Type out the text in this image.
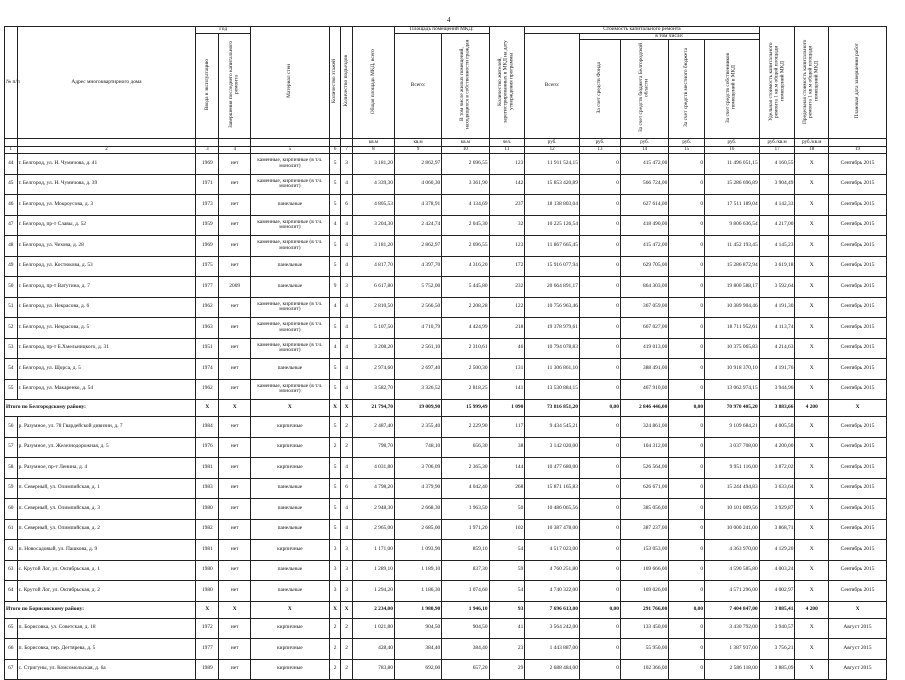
4
№ п/п	Адрес многоквартирного дома	Год		Материал стен	Количество этажей	Количество подъездов	Общая площадь МКД, всего	Площадь помещений МКД:		Количество жителей, зарегистрированных в МКД на дату утверждения программы	Стоимость капитального ремонта					Удельная стоимость капитального ремонта 1 кв.м общей площади помещений МКД	Предельная стоимость капитального ремонта 1 кв.м общей площади помещений МКД	Плановая дата завершения работ
		Ввода в эксплуатацию	Завершения последнего капитального ремонта					Всего:	В том числе жилых помещений, находящихся в собственности граждан		Всего:	в том числе:						
												За счет средств Фонда	За счет средств бюджета Белгородской области	За счет средств местного бюджета	За счет средств собственников помещений в МКД			
							кв.м	кв.м	кв.м	чел.	руб.	руб.	руб.	руб.	руб.	руб./кв.м	руб./кв.м	
1	2	3	4	5	6	7	8	9	10	11	12	13	14	15	16	17	18	19
44	г. Белгород, ул. Н. Чумичова, д. 41	1969	нет	каменные, кирпичные (в т.ч. монолит)	5	3	3 181,20	2 862,97	2 696,55	123	11 911 524,15	0	415 472,00	0	11 496 051,15	4 160,55	X	Сентябрь 2015
45	г. Белгород, ул. Н. Чумичова, д. 39	1971	нет	каменные, кирпичные (в т.ч. монолит)	5	4	4 339,30	4 060,30	3 361,90	142	15 853 420,89	0	566 724,00	0	15 286 696,89	3 904,49	X	Сентябрь 2015
46	г. Белгород, ул. Мокроусова, д. 3	1973	нет	панельные	5	6	4 805,53	4 378,91	4 134,69	237	18 138 803,04	0	627 614,00	0	17 511 189,04	4 142,33	X	Сентябрь 2015
47	г. Белгород, пр-т Славы, д. 52	1959	нет	каменные, кирпичные (в т.ч. монолит)	4	4	3 204,30	2 424,74	2 045,30	32	10 225 126,54	0	418 490,00	0	9 806 636,54	4 217,00	X	Сентябрь 2015
48	г. Белгород, ул. Чехова, д. 28	1969	нет	каменные, кирпичные (в т.ч. монолит)	5	4	3 181,20	2 862,97	2 696,55	123	11 867 665,45	0	415 472,00	0	11 452 193,45	4 145,23	X	Сентябрь 2015
49	г. Белгород, ул. Костюкова, д. 53	1975	нет	панельные	5	4	4 817,70	4 397,70	4 316,20	172	15 916 077,94	0	629 705,00	0	15 286 872,94	3 619,18	X	Сентябрь 2015
50	г. Белгород, пр-т Ватутина, д. 7	1977	2009	панельные	9	3	6 617,80	5 752,00	5 445,80	232	20 664 891,17	0	864 303,00	0	19 800 588,17	3 592,64	X	Сентябрь 2015
51	г. Белгород, ул. Некрасова, д. 6	1962	нет	каменные, кирпичные (в т.ч. монолит)	4	4	2 810,50	2 566,50	2 208,28	122	10 756 963,46	0	367 059,00	0	10 389 904,46	4 191,30	X	Сентябрь 2015
52	г. Белгород, ул. Некрасова, д. 5	1963	нет	каменные, кирпичные (в т.ч. монолит)	5	4	5 107,50	4 710,79	4 424,99	218	19 378 979,61	0	667 027,00	0	18 711 952,61	4 113,74	X	Сентябрь 2015
53	г. Белгород, пр-т Б.Хмельницкого, д. 31	1951	нет	каменные, кирпичные (в т.ч. монолит)	4	4	3 208,20	2 561,10	2 310,61	46	10 794 078,83	0	419 013,00	0	10 375 065,83	4 214,63	X	Сентябрь 2015
54	г. Белгород, ул. Щорса, д. 5	1974	нет	панельные	5	4	2 974,60	2 697,40	2 500,30	131	11 306 861,10	0	388 491,00	0	10 918 370,10	4 191,76	X	Сентябрь 2015
55	г. Белгород, ул. Макаренко, д. 54	1962	нет	каменные, кирпичные (в т.ч. монолит)	5	4	3 582,70	3 326,52	2 818,25	141	13 530 884,15	0	467 910,00	0	13 062 974,15	3 944,96	X	Сентябрь 2015
Итого по Белгородскому району:		X	X	X	X	X	21 794,70	19 009,90	15 999,49	1 090	73 816 851,20	0,00	2 846 446,00	0,00	70 970 405,20	3 883,66	4 200	X
56	р. Разумное, ул. 78 Гвардейской дивизии, д. 7	1984	нет	кирпичные	5	2	2 487,40	2 355,40	2 229,90	117	9 434 545,21	0	324 861,00	0	9 109 684,21	4 005,50	X	Сентябрь 2015
57	р. Разумное, ул. Железнодорожная, д. 5	1976	нет	кирпичные	2	2	798,70	748,10	656,30	38	3 142 020,00	0	104 312,00	0	3 037 708,00	4 200,00	X	Сентябрь 2015
58	р. Разумное, пр-т Ленина, д. 4	1981	нет	кирпичные	5	4	4 031,80	3 706,09	2 365,30	144	10 477 680,00	0	526 564,00	0	9 951 116,00	3 872,02	X	Сентябрь 2015
59	п. Северный, ул. Олимпийская, д. 1	1983	нет	панельные	5	6	4 798,20	4 379,90	4 042,40	268	15 871 165,83	0	626 671,00	0	15 244 494,83	3 633,64	X	Сентябрь 2015
60	п. Северный, ул. Олимпийская, д. 3	1980	нет	панельные	5	4	2 948,30	2 668,30	1 963,50	50	10 486 065,56	0	385 056,00	0	10 101 009,56	3 929,87	X	Сентябрь 2015
61	п. Северный, ул. Олимпийская, д. 2	1982	нет	панельные	5	4	2 965,00	2 685,00	1 971,20	102	10 387 478,00	0	387 237,00	0	10 000 241,00	3 868,71	X	Сентябрь 2015
62	п. Новосадовый, ул. Пашкова, д. 9	1981	нет	кирпичные	3	3	1 171,00	1 093,90	859,10	54	4 517 023,00	0	153 053,00	0	4 363 970,00	4 129,20	X	Сентябрь 2015
63	с. Крутой Лог, ул. Октябрьская, д. 1	1980	нет	панельные	3	3	1 289,10	1 189,10	837,30	59	4 760 251,80	0	169 666,00	0	4 590 585,80	4 003,24	X	Сентябрь 2015
64	с. Крутой Лог, ул. Октябрьская, д. 2	1980	нет	панельные	3	3	1 294,20	1 186,30	1 074,60	54	4 740 322,00	0	169 026,00	0	4 571 296,00	4 002,97	X	Сентябрь 2015
Итого по Борисовскому району:		X	X	X	X	X	2 234,00	1 980,90	1 946,10	93	7 696 613,00	0,00	291 766,00	0,00	7 404 847,00	3 885,41	4 200	X
65	п. Борисовка, ул. Советская, д. 18	1972	нет	кирпичные	2	2	1 021,80	904,50	904,50	41	3 564 242,00	0	133 450,00	0	3 430 792,00	3 940,57	X	Август 2015
66	п. Борисовка, пер. Дегтярева, д. 5	1977	нет	кирпичные	2	2	428,40	384,40	384,40	23	1 443 887,00	0	55 950,00	0	1 387 937,00	3 756,21	X	Август 2015
67	с. Стригуны, ул. Комсомольская, д. 6а	1989	нет	кирпичные	2	2	783,80	692,00	657,20	29	2 688 484,00	0	102 366,00	0	2 586 118,00	3 885,09	X	Август 2015
